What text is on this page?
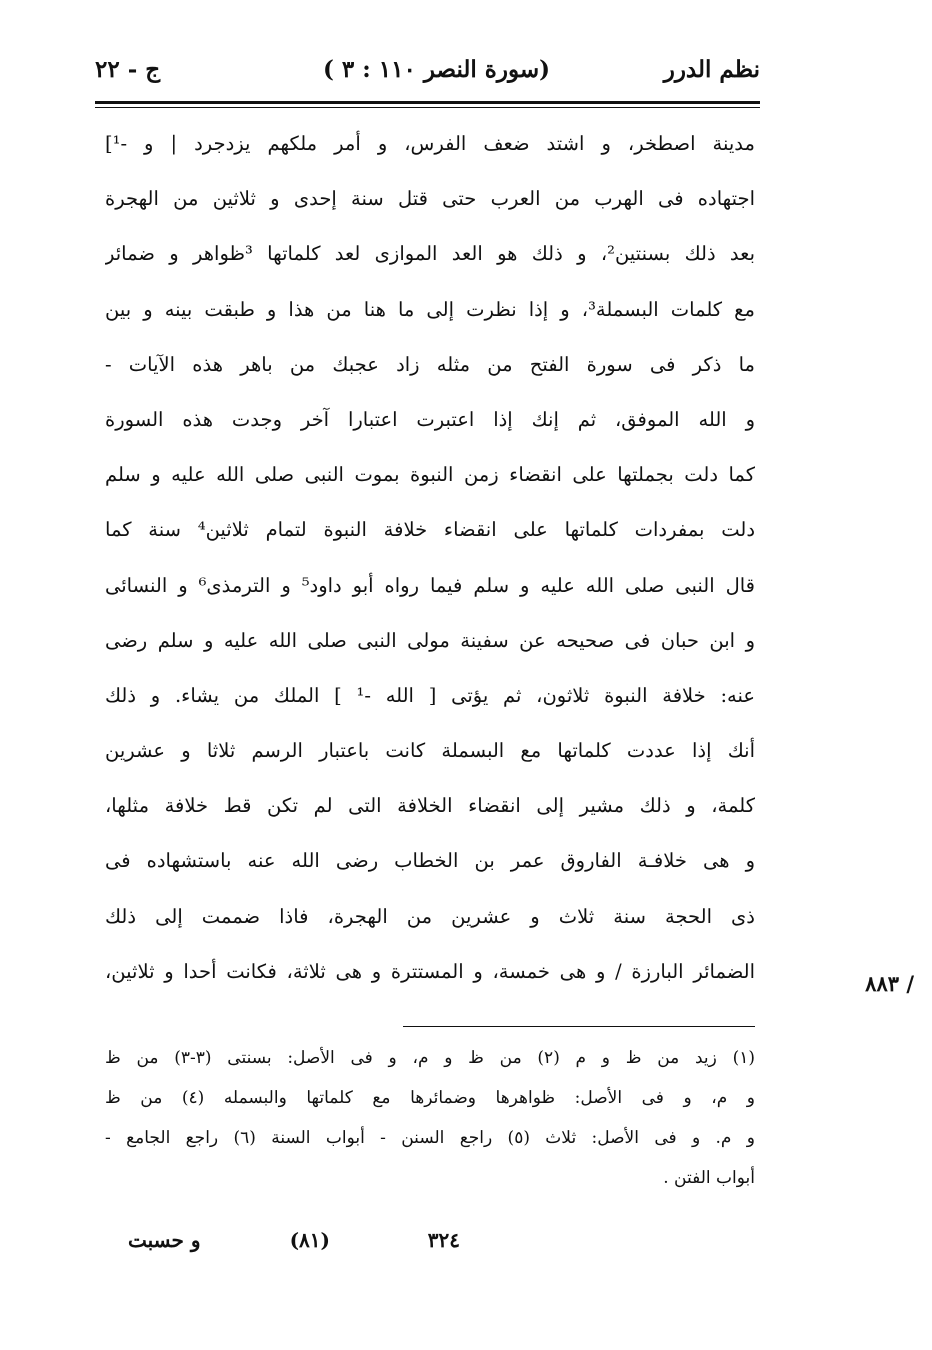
نظم الدرر
(سورة النصر ١١٠ : ٣ )
ج - ٢٢
مدينة اصطخر، و اشتد ضعف الفرس، و أمر ملكهم يزدجرد | و -¹]
اجتهاده فى الهرب من العرب حتى قتل سنة إحدى و ثلاثين من الهجرة
بعد ذلك بسنتين²، و ذلك هو العد الموازى لعد كلماتها ³ظواهر و ضمائر
مع كلمات البسملة³، و إذا نظرت إلى ما هنا من هذا و طبقت بينه و بين
ما ذكر فى سورة الفتح من مثله زاد عجبك من باهر هذه الآيات -
و الله الموفق، ثم إنك إذا اعتبرت اعتبارا آخر وجدت هذه السورة
كما دلت بجملتها على انقضاء زمن النبوة بموت النبى صلى الله عليه و سلم
دلت بمفردات كلماتها على انقضاء خلافة النبوة لتمام ثلاثين⁴ سنة كما
قال النبى صلى الله عليه و سلم فيما رواه أبو داود⁵ و الترمذى⁶ و النسائى
و ابن حبان فى صحيحه عن سفينة مولى النبى صلى الله عليه و سلم رضى
عنه: خلافة النبوة ثلاثون، ثم يؤتى [ الله -¹ ] الملك من يشاء. و ذلك
أنك إذا عددت كلماتها مع البسملة كانت باعتبار الرسم ثلاثا و عشرين
كلمة، و ذلك مشير إلى انقضاء الخلافة التى لم تكن قط خلافة مثلها،
و هى خلافـة الفاروق عمر بن الخطاب رضى الله عنه باستشهاده فى
ذى الحجة سنة ثلاث و عشرين من الهجرة، فاذا ضممت إلى ذلك
الضمائر البارزة / و هى خمسة، و المستترة و هى ثلاثة، فكانت أحدا و ثلاثين،	/ ٨٨٣
(١) زيد من ظ و م (٢) من ظ و م، و فى الأصل: بسنتى (٣-٣) من ظ
و م، و فى الأصل: ظواهرها وضمائرها مع كلماتها والبسمله (٤) من ظ
و م. و فى الأصل: ثلاث (٥) راجع السنن - أبواب السنة (٦) راجع الجامع -
أبواب الفتن .
٣٢٤
(٨١)
و حسبت
